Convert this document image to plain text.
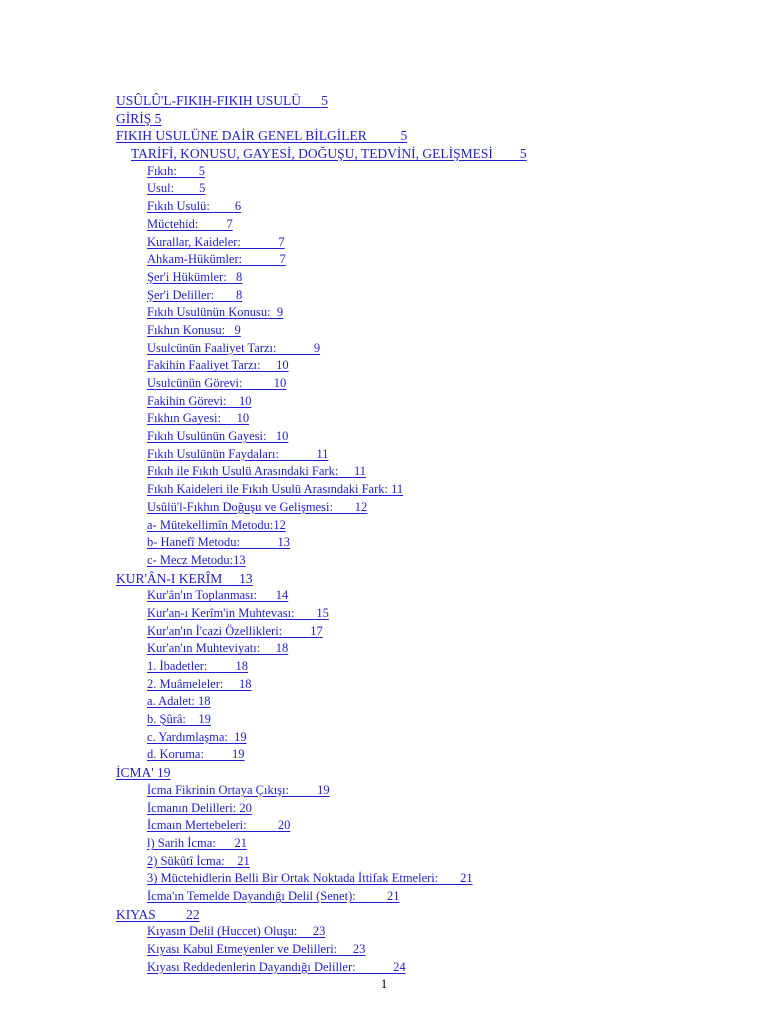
USÛLÛ'L-FIKIH-FIKIH USULÜ      5
GİRİŞ 5
FIKIH USULÜNE DAİR GENEL BİLGİLER          5
TARİFİ, KONUSU, GAYESİ, DOĞUŞU, TEDVİNİ, GELİŞMESİ        5
Fıkıh:       5
Usul:        5
Fıkıh Usulü:        6
Müctehid:         7
Kurallar, Kaideler:            7
Ahkam-Hükümler:            7
Şer'i Hükümler:   8
Şer'i Deliller:       8
Fıkıh Usulünün Konusu:  9
Fıkhın Konusu:   9
Usulcünün Faaliyet Tarzı:            9
Fakihin Faaliyet Tarzı:     10
Usulcünün Görevi:          10
Fakihin Görevi:    10
Fıkhın Gayesi:     10
Fıkıh Usulünün Gayesi:   10
Fıkıh Usulünün Faydaları:            11
Fıkıh ile Fıkıh Usulü Arasındaki Fark:     11
Fıkıh Kaideleri ile Fıkıh Usulü Arasındaki Fark: 11
Usûlü'l-Fıkhın Doğuşu ve Gelişmesi:       12
a- Mütekellimîn Metodu:12
b- Hanefî Metodu:            13
c- Mecz Metodu:13
KUR'ÂN-I KERÎM     13
Kur'ân'ın Toplanması:      14
Kur'an-ı Kerîm'in Muhtevası:       15
Kur'an'ın İ'cazi Özellikleri:         17
Kur'an'ın Muhteviyatı:     18
1. İbadetler:         18
2. Muâmeleler:     18
a. Adalet: 18
b. Şûrâ:    19
c. Yardımlaşma:  19
d. Koruma:         19
İCMA' 19
İcma Fikrinin Ortaya Çıkışı:         19
İcmanın Delilleri: 20
İcmaın Mertebeleri:          20
l) Sarih İcma:      21
2) Sükûtî İcma:    21
3) Müctehidlerin Belli Bir Ortak Noktada İttifak Etmeleri:       21
İcma'ın Temelde Dayandığı Delil (Senet):          21
KIYAS         22
Kıyasın Delil (Huccet) Oluşu:     23
Kıyası Kabul Etmeyenler ve Delilleri:     23
Kıyası Reddedenlerin Dayandığı Deliller:            24
1
